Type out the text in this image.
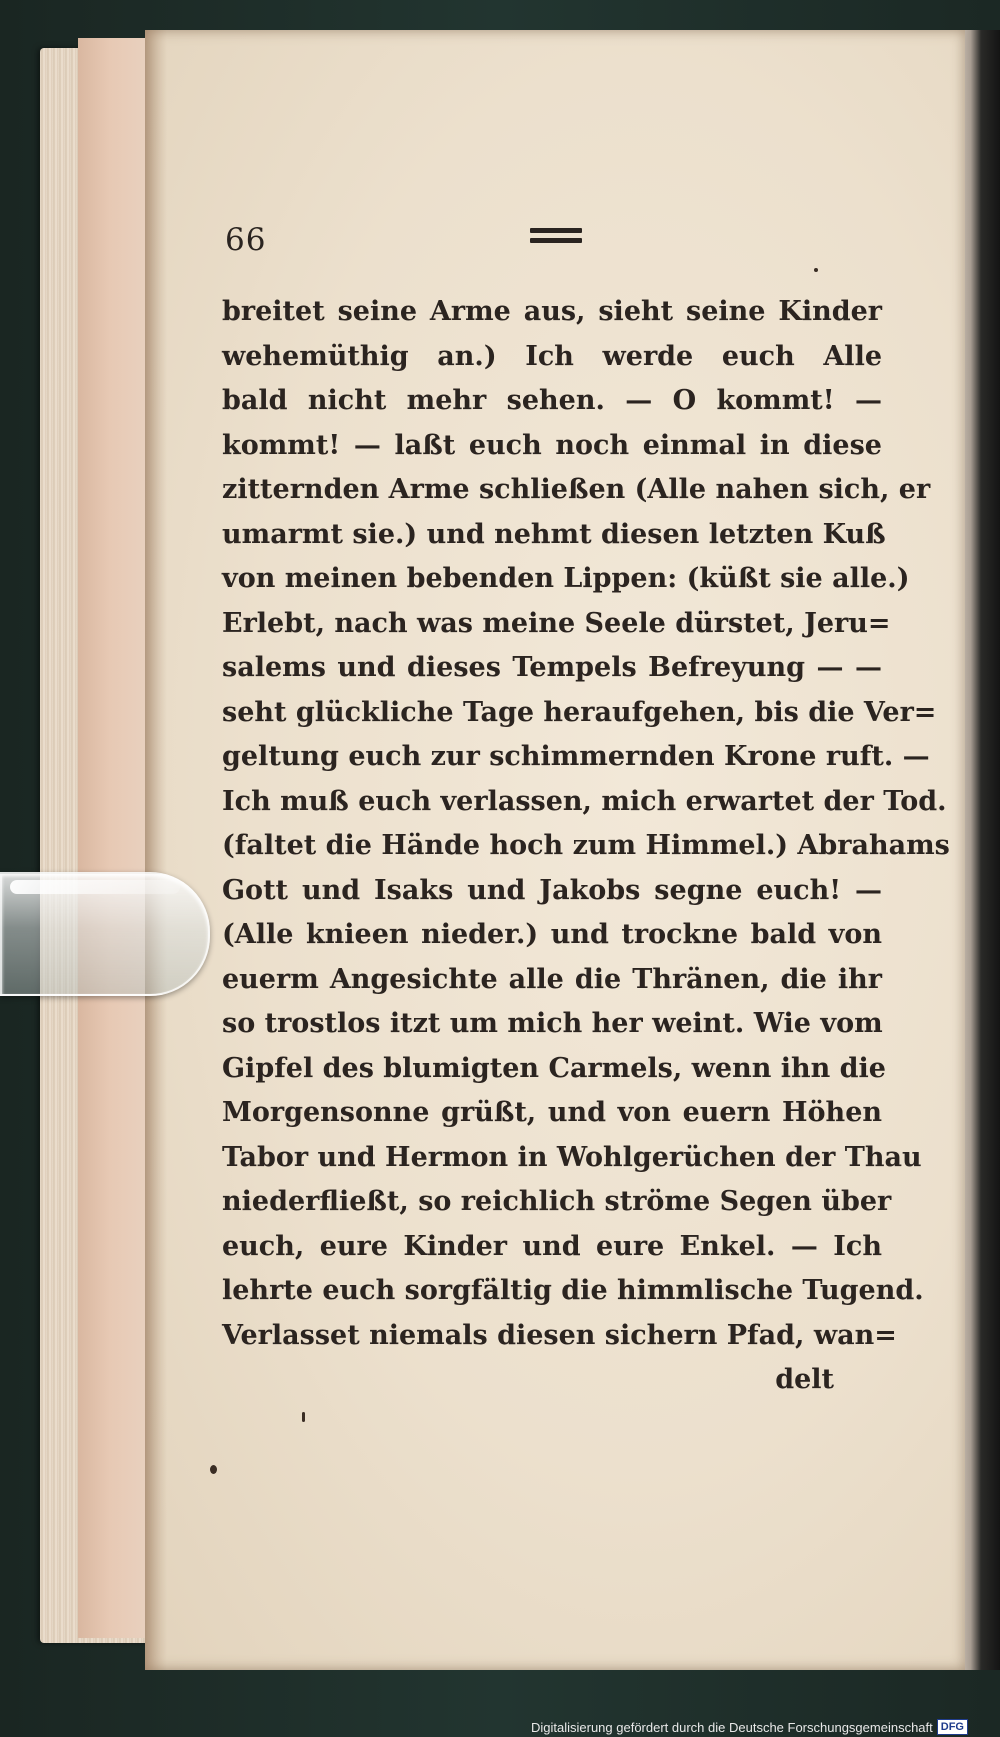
66
breitet seine Arme aus, sieht seine Kinder
wehemüthig an.) Ich werde euch Alle
bald nicht mehr sehen. — O kommt! —
kommt! — laßt euch noch einmal in diese
zitternden Arme schließen (Alle nahen sich, er
umarmt sie.) und nehmt diesen letzten Kuß
von meinen bebenden Lippen: (küßt sie alle.)
Erlebt, nach was meine Seele dürstet, Jeru=
salems und dieses Tempels Befreyung — —
seht glückliche Tage heraufgehen, bis die Ver=
geltung euch zur schimmernden Krone ruft. —
Ich muß euch verlassen, mich erwartet der Tod.
(faltet die Hände hoch zum Himmel.) Abrahams
Gott und Isaks und Jakobs segne euch! —
(Alle knieen nieder.) und trockne bald von
euerm Angesichte alle die Thränen, die ihr
so trostlos itzt um mich her weint. Wie vom
Gipfel des blumigten Carmels, wenn ihn die
Morgensonne grüßt, und von euern Höhen
Tabor und Hermon in Wohlgerüchen der Thau
niederfließt, so reichlich ströme Segen über
euch, eure Kinder und eure Enkel. — Ich
lehrte euch sorgfältig die himmlische Tugend.
Verlasset niemals diesen sichern Pfad, wan=
delt
Digitalisierung gefördert durch die Deutsche Forschungsgemeinschaft DFG
